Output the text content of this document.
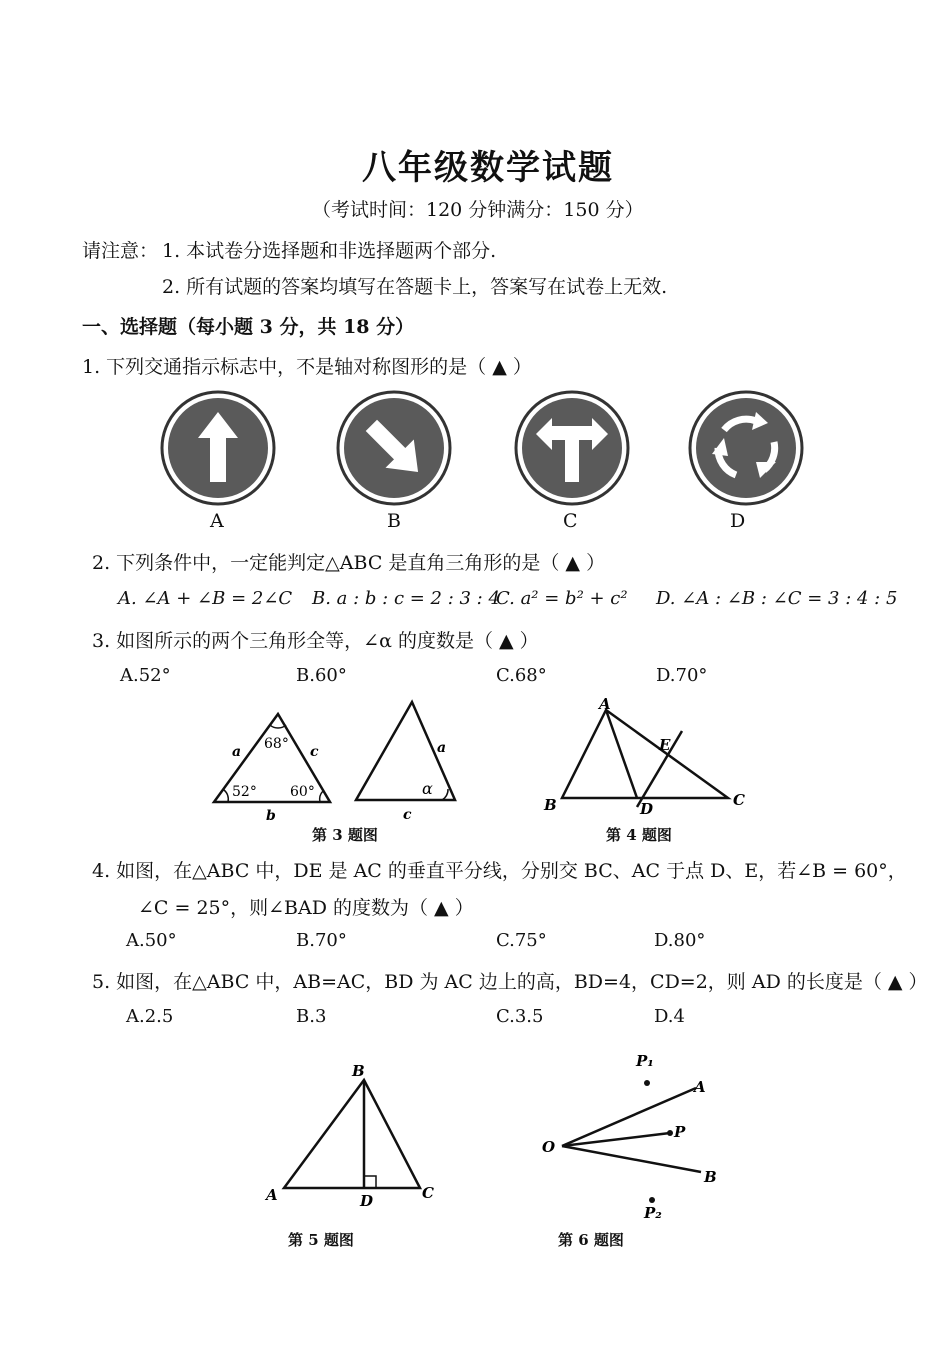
八年级数学试题
（考试时间：120 分钟满分：150 分）
请注意： 1. 本试卷分选择题和非选择题两个部分.
2. 所有试题的答案均填写在答题卡上，答案写在试卷上无效.
一、选择题（每小题 3 分，共 18 分）
1. 下列交通指示标志中，不是轴对称图形的是（ ▲ ）
A	B	C	D
2. 下列条件中，一定能判定△ABC 是直角三角形的是（ ▲ ）
A. ∠A + ∠B = 2∠C B. a : b : c = 2 : 3 : 4
C. a² = b² + c² D. ∠A : ∠B : ∠C = 3 : 4 : 5
3. 如图所示的两个三角形全等，∠α 的度数是（ ▲ ）
A.52°	B.60°	C.68°	D.70°
68°
52° 60°
a	c
b
a
c
α
第 3 题图
A
B	C
D
E
第 4 题图
4. 如图，在△ABC 中，DE 是 AC 的垂直平分线，分别交 BC、AC 于点 D、E，若∠B = 60°，
∠C = 25°，则∠BAD 的度数为（ ▲ ）
A.50°	B.70°	C.75°	D.80°
5. 如图，在△ABC 中，AB=AC，BD 为 AC 边上的高，BD=4，CD=2，则 AD 的长度是（ ▲ ）
A.2.5	B.3	C.3.5	D.4
B
A	C
D
第 5 题图
O
A
B
P
P₁
P₂
第 6 题图
